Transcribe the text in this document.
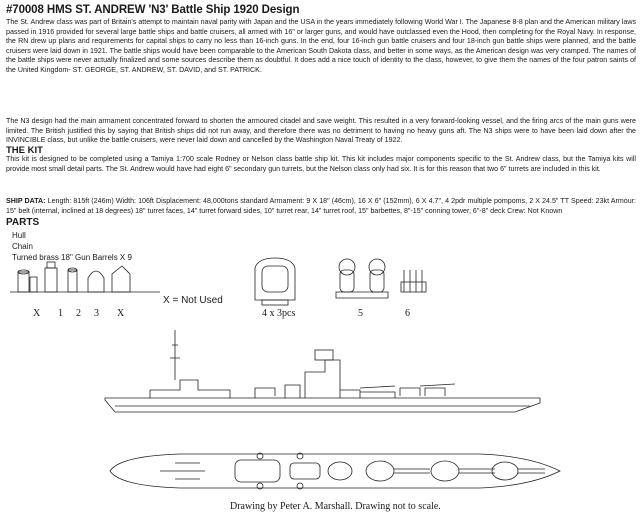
#70008 HMS ST. ANDREW 'N3' Battle Ship 1920 Design
The St. Andrew class was part of Britain's attempt to maintain naval parity with Japan and the USA in the years immediately following World War I. The Japanese 8-8 plan and the American military laws passed in 1916 provided for several large battle ships and battle cruisers, all armed with 16" or larger guns, and would have outclassed even the Hood, then completing for the Royal Navy. In response, the RN drew up plans and requirements for capital ships to carry no less than 16-inch guns. In the end, four 16-inch gun battle cruisers and four 18-inch gun battle ships were planned, and the battle cruisers were laid down in 1921. The battle ships would have been comparable to the American South Dakota class, and better in some ways, as the American design was very cramped. The names of the battle ships were never actually finalized and some sources describe them as doubtful. It does add a nice touch of identity to the class, however, to give them the names of the four patron saints of the United Kingdom- ST. GEORGE, ST. ANDREW, ST. DAVID, and ST. PATRICK.
The N3 design had the main armament concentrated forward to shorten the armoured citadel and save weight. This resulted in a very forward-looking vessel, and the firing arcs of the main guns were limited. The British justified this by saying that British ships did not run away, and therefore there was no detriment to having no heavy guns aft. The N3 ships were to have been laid down after the INVINCIBLE class, but unlike the battle cruisers, were never laid down and cancelled by the Washington Naval Treaty of 1922.
THE KIT
This kit is designed to be completed using a Tamiya 1:700 scale Rodney or Nelson class battle ship kit. This kit includes major components specific to the St. Andrew class, but the Tamiya kits will provide most small detail parts. The St. Andrew would have had eight 6" secondary gun turrets, but the Nelson class only had six. It is for this reason that two 6" turrets are included in this kit.
SHIP DATA: Length: 815ft (246m) Width: 106ft Displacement: 48,000tons standard Armament: 9 X 18" (46cm), 16 X 6" (152mm), 6 X 4.7", 4 2pdr multiple pompoms, 2 X 24.5" TT Speed: 23kt Armour: 15" belt (internal, inclined at 18 degrees) 18" turret faces, 14" turret forward sides, 10" turret rear, 14" turret roof, 15" barbettes, 8"-15" conning tower, 6"-8" deck Crew: Not Known
PARTS
Hull
Chain
Turned brass 18" Gun Barrels X 9
X 1 2 3 X
X = Not Used
4 x 3pcs	5	6
Drawing by Peter A. Marshall. Drawing not to scale.
